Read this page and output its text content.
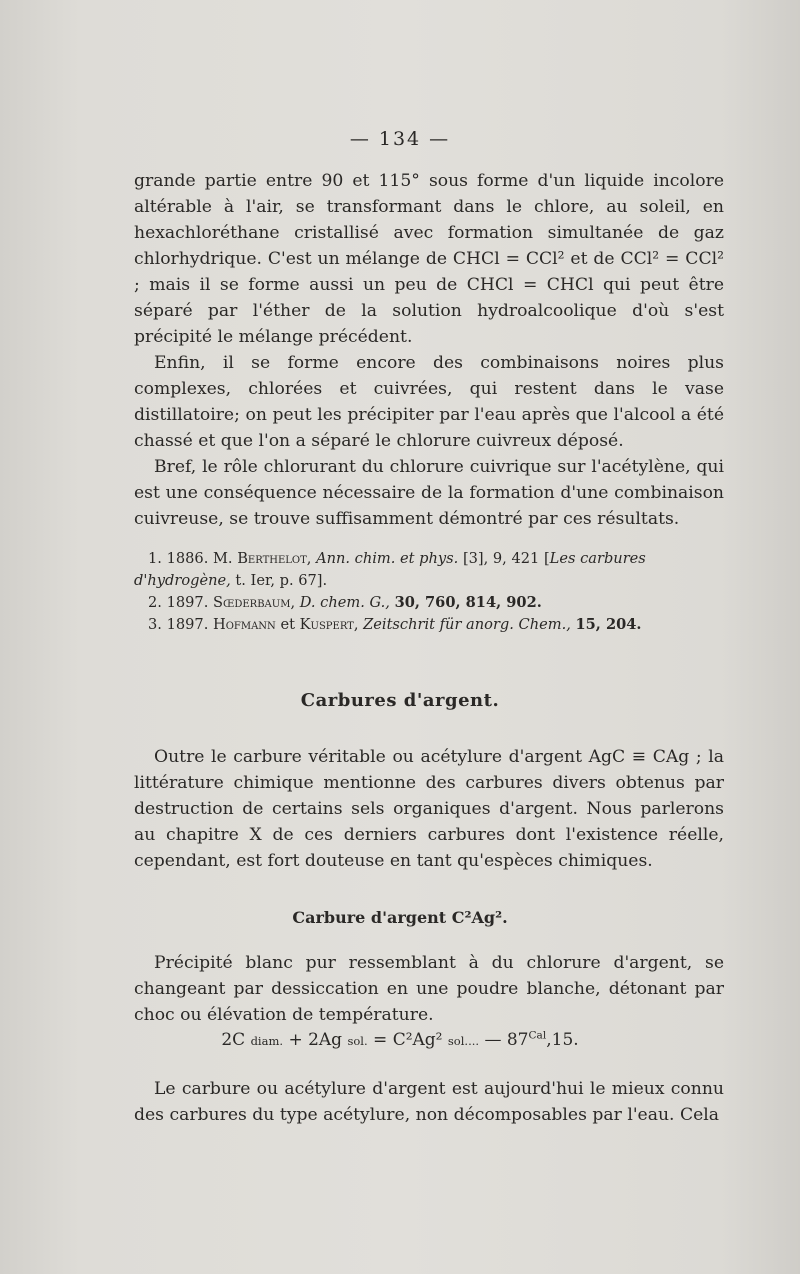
— 134 —

grande partie entre 90 et 115° sous forme d'un liquide incolore altérable à l'air, se transformant dans le chlore, au soleil, en hexachloréthane cristallisé avec formation simultanée de gaz chlorhydrique. C'est un mélange de CHCl = CCl² et de CCl² = CCl² ; mais il se forme aussi un peu de CHCl = CHCl qui peut être séparé par l'éther de la solution hydroalcoolique d'où s'est précipité le mélange précédent.

Enfin, il se forme encore des combinaisons noires plus complexes, chlorées et cuivrées, qui restent dans le vase distillatoire; on peut les précipiter par l'eau après que l'alcool a été chassé et que l'on a séparé le chlorure cuivreux déposé.

Bref, le rôle chlorurant du chlorure cuivrique sur l'acétylène, qui est une conséquence nécessaire de la formation d'une combinaison cuivreuse, se trouve suffisamment démontré par ces résultats.

1. 1886. M. Berthelot, Ann. chim. et phys. [3], 9, 421 [Les carbures d'hydrogène, t. Ier, p. 67].

2. 1897. Sœderbaum, D. chem. G., 30, 760, 814, 902.

3. 1897. Hofmann et Kuspert, Zeitschrit für anorg. Chem., 15, 204.

Carbures d'argent.

Outre le carbure véritable ou acétylure d'argent AgC ≡ CAg ; la littérature chimique mentionne des carbures divers obtenus par destruction de certains sels organiques d'argent. Nous parlerons au chapitre X de ces derniers carbures dont l'existence réelle, cependant, est fort douteuse en tant qu'espèces chimiques.

Carbure d'argent C²Ag².

Précipité blanc pur ressemblant à du chlorure d'argent, se changeant par dessiccation en une poudre blanche, détonant par choc ou élévation de température.

2C diam. + 2Ag sol. = C²Ag² sol.... — $87^{Cal},15$.

Le carbure ou acétylure d'argent est aujourd'hui le mieux connu des carbures du type acétylure, non décomposables par l'eau. Cela
